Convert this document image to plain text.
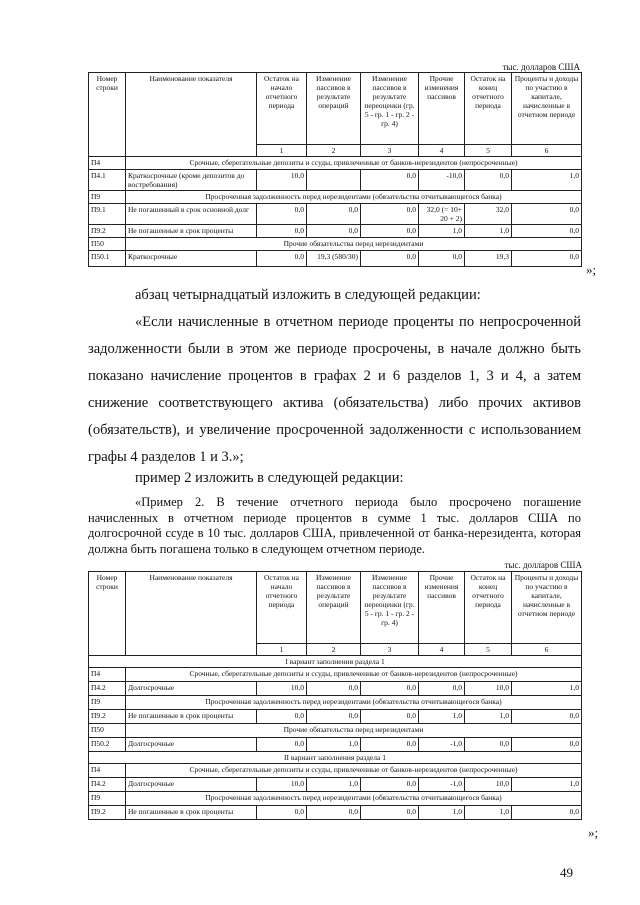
тыс. долларов США
Номер строки	Наименование показателя	Остаток на начало отчетного периода	Изменение пассивов в результате операций	Изменение пассивов в результате переоценки (гр. 5 - гр. 1 - гр. 2 - гр. 4)	Прочие изменения пассивов	Остаток на конец отчетного периода	Проценты и доходы по участию в капитале, начисленные в отчетном периоде
		1	2	3	4	5	6
П4	Срочные, сберегательные депозиты и ссуды, привлеченные от банков-нерезидентов (непросроченные)						
П4.1	Краткосрочные (кроме депозитов до востребования)	10,0		0,0	-10,0	0,0	1,0
П9	Просроченная задолженность перед нерезидентами (обязательства отчитывающегося банка)						
П9.1	Не погашенный в срок основной долг	0,0	0,0	0,0	32,0 (= 10+ 20 + 2)	32,0	0,0
П9.2	Не погашенные в срок проценты	0,0	0,0	0,0	1,0	1,0	0,0
П50	Прочие обязательства перед нерезидентами						
П50.1	Краткосрочные	0,0	19,3 (580/30)	0,0	0,0	19,3	0,0
»;
абзац четырнадцатый изложить в следующей редакции:
«Если начисленные в отчетном периоде проценты по непросроченной задолженности были в этом же периоде просрочены, в начале должно быть показано начисление процентов в графах 2 и 6 разделов 1, 3 и 4, а затем снижение соответствующего актива (обязательства) либо прочих активов (обязательств), и увеличение просроченной задолженности с использованием графы 4 разделов 1 и 3.»;
пример 2 изложить в следующей редакции:
«Пример 2. В течение отчетного периода было просрочено погашение начисленных в отчетном периоде процентов в сумме 1 тыс. долларов США по долгосрочной ссуде в 10 тыс. долларов США, привлеченной от банка-нерезидента, которая должна быть погашена только в следующем отчетном периоде.
тыс. долларов США
Номер строки	Наименование показателя	Остаток на начало отчетного периода	Изменение пассивов в результате операций	Изменение пассивов в результате переоценки (гр. 5 - гр. 1 - гр. 2 - гр. 4)	Прочие изменения пассивов	Остаток на конец отчетного периода	Проценты и доходы по участию в капитале, начисленные в отчетном периоде
		1	2	3	4	5	6
I вариант заполнения раздела 1							
П4	Срочные, сберегательные депозиты и ссуды, привлеченные от банков-нерезидентов (непросроченные)						
П4.2	Долгосрочные	10,0	0,0	0,0	0,0	10,0	1,0
П9	Просроченная задолженность перед нерезидентами (обязательства отчитывающегося банка)						
П9.2	Не погашенные в срок проценты	0,0	0,0	0,0	1,0	1,0	0,0
П50	Прочие обязательства перед нерезидентами						
П50.2	Долгосрочные	0,0	1,0	0,0	-1,0	0,0	0,0
II вариант заполнения раздела 1							
П4	Срочные, сберегательные депозиты и ссуды, привлеченные от банков-нерезидентов (непросроченные)						
П4.2	Долгосрочные	10,0	1,0	0,0	-1,0	10,0	1,0
П9	Просроченная задолженность перед нерезидентами (обязательства отчитывающегося банка)						
П9.2	Не погашенные в срок проценты	0,0	0,0	0,0	1,0	1,0	0,0
»;
49
